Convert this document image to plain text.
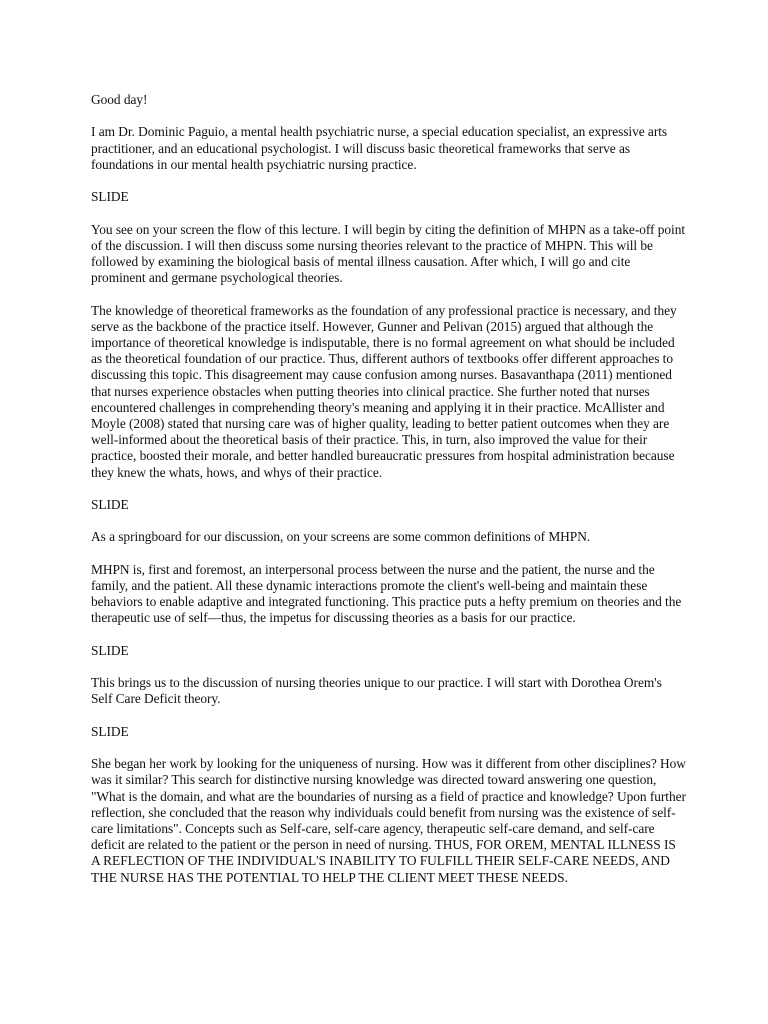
Good day!

I am Dr. Dominic Paguio, a mental health psychiatric nurse, a special education specialist, an expressive arts practitioner, and an educational psychologist. I will discuss basic theoretical frameworks that serve as foundations in our mental health psychiatric nursing practice.

SLIDE

You see on your screen the flow of this lecture. I will begin by citing the definition of MHPN as a take-off point of the discussion. I will then discuss some nursing theories relevant to the practice of MHPN. This will be followed by examining the biological basis of mental illness causation. After which, I will go and cite prominent and germane psychological theories.

The knowledge of theoretical frameworks as the foundation of any professional practice is necessary, and they serve as the backbone of the practice itself. However, Gunner and Pelivan (2015) argued that although the importance of theoretical knowledge is indisputable, there is no formal agreement on what should be included as the theoretical foundation of our practice. Thus, different authors of textbooks offer different approaches to discussing this topic. This disagreement may cause confusion among nurses. Basavanthapa (2011) mentioned that nurses experience obstacles when putting theories into clinical practice. She further noted that nurses encountered challenges in comprehending theory's meaning and applying it in their practice. McAllister and Moyle (2008) stated that nursing care was of higher quality, leading to better patient outcomes when they are well-informed about the theoretical basis of their practice. This, in turn, also improved the value for their practice, boosted their morale, and better handled bureaucratic pressures from hospital administration because they knew the whats, hows, and whys of their practice.

SLIDE

As a springboard for our discussion, on your screens are some common definitions of MHPN.

MHPN is, first and foremost, an interpersonal process between the nurse and the patient, the nurse and the family, and the patient. All these dynamic interactions promote the client's well-being and maintain these behaviors to enable adaptive and integrated functioning. This practice puts a hefty premium on theories and the therapeutic use of self—thus, the impetus for discussing theories as a basis for our practice.

SLIDE

This brings us to the discussion of nursing theories unique to our practice. I will start with Dorothea Orem's Self Care Deficit theory.

SLIDE

She began her work by looking for the uniqueness of nursing. How was it different from other disciplines? How was it similar? This search for distinctive nursing knowledge was directed toward answering one question, "What is the domain, and what are the boundaries of nursing as a field of practice and knowledge? Upon further reflection, she concluded that the reason why individuals could benefit from nursing was the existence of self-care limitations". Concepts such as Self-care, self-care agency, therapeutic self-care demand, and self-care deficit are related to the patient or the person in need of nursing. THUS, FOR OREM, MENTAL ILLNESS IS A REFLECTION OF THE INDIVIDUAL'S INABILITY TO FULFILL THEIR SELF-CARE NEEDS, AND THE NURSE HAS THE POTENTIAL TO HELP THE CLIENT MEET THESE NEEDS.
